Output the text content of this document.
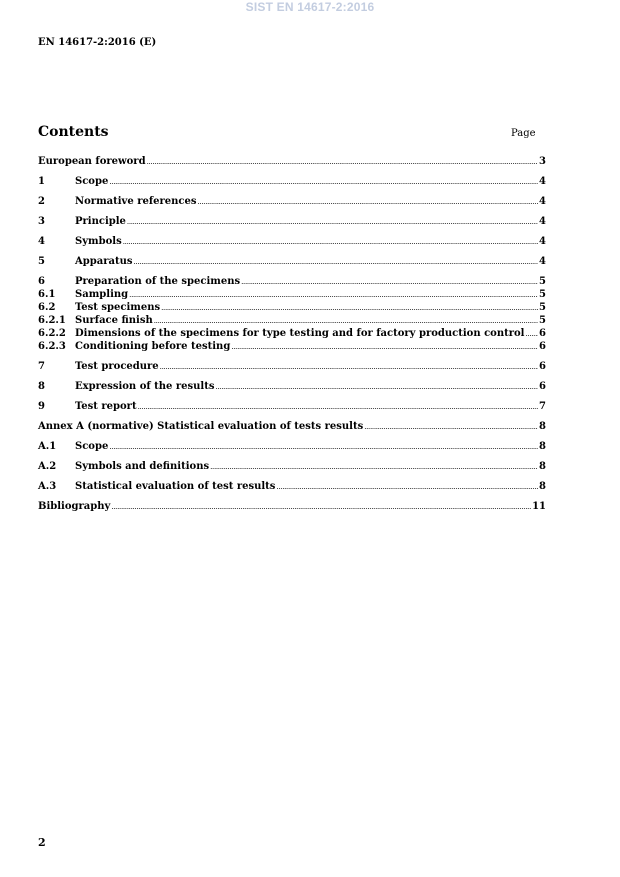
SIST EN 14617-2:2016
EN 14617-2:2016 (E)
Contents	Page
European foreword .....	3
1	Scope .....	4
2	Normative references .....	4
3	Principle .....	4
4	Symbols .....	4
5	Apparatus .....	4
6	Preparation of the specimens .....	5
6.1	Sampling .....	5
6.2	Test specimens .....	5
6.2.1 Surface finish .....	5
6.2.2 Dimensions of the specimens for type testing and for factory production control ..... 6
6.2.3 Conditioning before testing .....	6
7	Test procedure .....	6
8	Expression of the results .....	6
9	Test report .....	7
Annex A (normative) Statistical evaluation of tests results .....	8
A.1	Scope .....	8
A.2	Symbols and definitions .....	8
A.3	Statistical evaluation of test results .....	8
Bibliography .....	11
2
